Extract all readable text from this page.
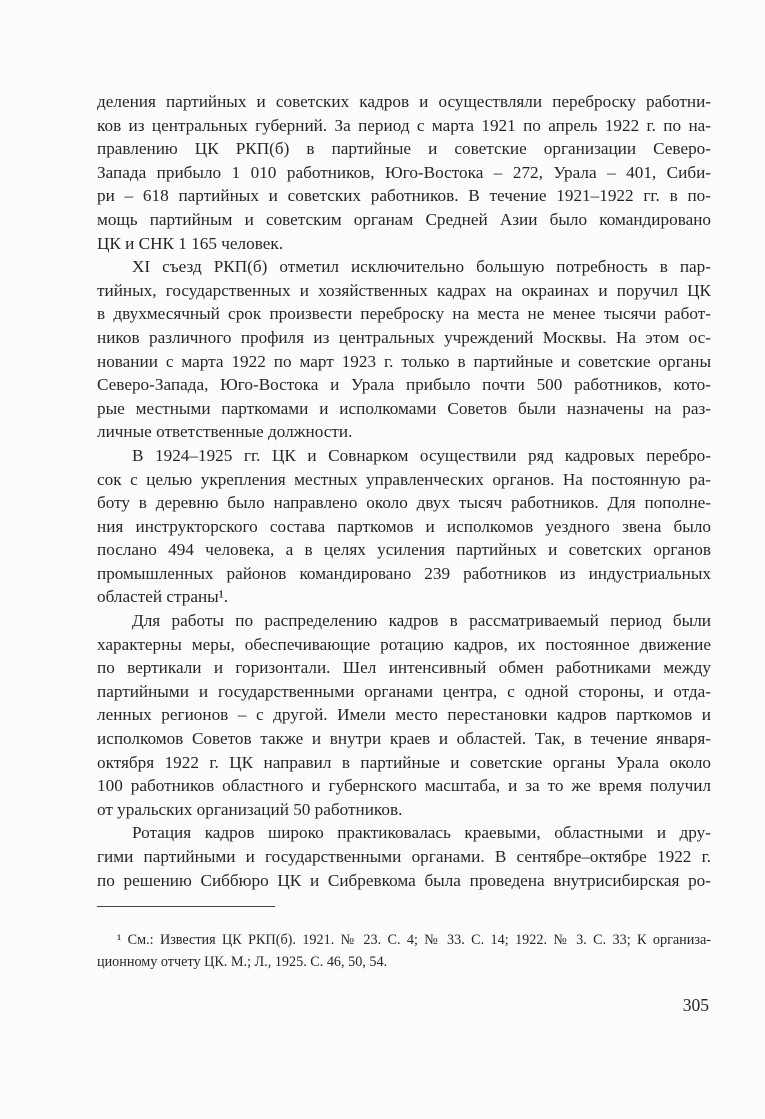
деления партийных и советских кадров и осуществляли переброску работни-
ков из центральных губерний. За период с марта 1921 по апрель 1922 г. по на-
правлению ЦК РКП(б) в партийные и советские организации Северо-
Запада прибыло 1 010 работников, Юго-Востока – 272, Урала – 401, Сиби-
ри – 618 партийных и советских работников. В течение 1921–1922 гг. в по-
мощь партийным и советским органам Средней Азии было командировано
ЦК и СНК 1 165 человек.
XI съезд РКП(б) отметил исключительно большую потребность в пар-
тийных, государственных и хозяйственных кадрах на окраинах и поручил ЦК
в двухмесячный срок произвести переброску на места не менее тысячи работ-
ников различного профиля из центральных учреждений Москвы. На этом ос-
новании с марта 1922 по март 1923 г. только в партийные и советские органы
Северо-Запада, Юго-Востока и Урала прибыло почти 500 работников, кото-
рые местными парткомами и исполкомами Советов были назначены на раз-
личные ответственные должности.
В 1924–1925 гг. ЦК и Совнарком осуществили ряд кадровых перебро-
сок с целью укрепления местных управленческих органов. На постоянную ра-
боту в деревню было направлено около двух тысяч работников. Для пополне-
ния инструкторского состава парткомов и исполкомов уездного звена было
послано 494 человека, а в целях усиления партийных и советских органов
промышленных районов командировано 239 работников из индустриальных
областей страны¹.
Для работы по распределению кадров в рассматриваемый период были
характерны меры, обеспечивающие ротацию кадров, их постоянное движение
по вертикали и горизонтали. Шел интенсивный обмен работниками между
партийными и государственными органами центра, с одной стороны, и отда-
ленных регионов – с другой. Имели место перестановки кадров парткомов и
исполкомов Советов также и внутри краев и областей. Так, в течение января-
октября 1922 г. ЦК направил в партийные и советские органы Урала около
100 работников областного и губернского масштаба, и за то же время получил
от уральских организаций 50 работников.
Ротация кадров широко практиковалась краевыми, областными и дру-
гими партийными и государственными органами. В сентябре–октябре 1922 г.
по решению Сиббюро ЦК и Сибревкома была проведена внутрисибирская ро-
¹ См.: Известия ЦК РКП(б). 1921. № 23. С. 4; № 33. С. 14; 1922. № 3. С. 33; К организа-
ционному отчету ЦК. М.; Л., 1925. С. 46, 50, 54.
305
